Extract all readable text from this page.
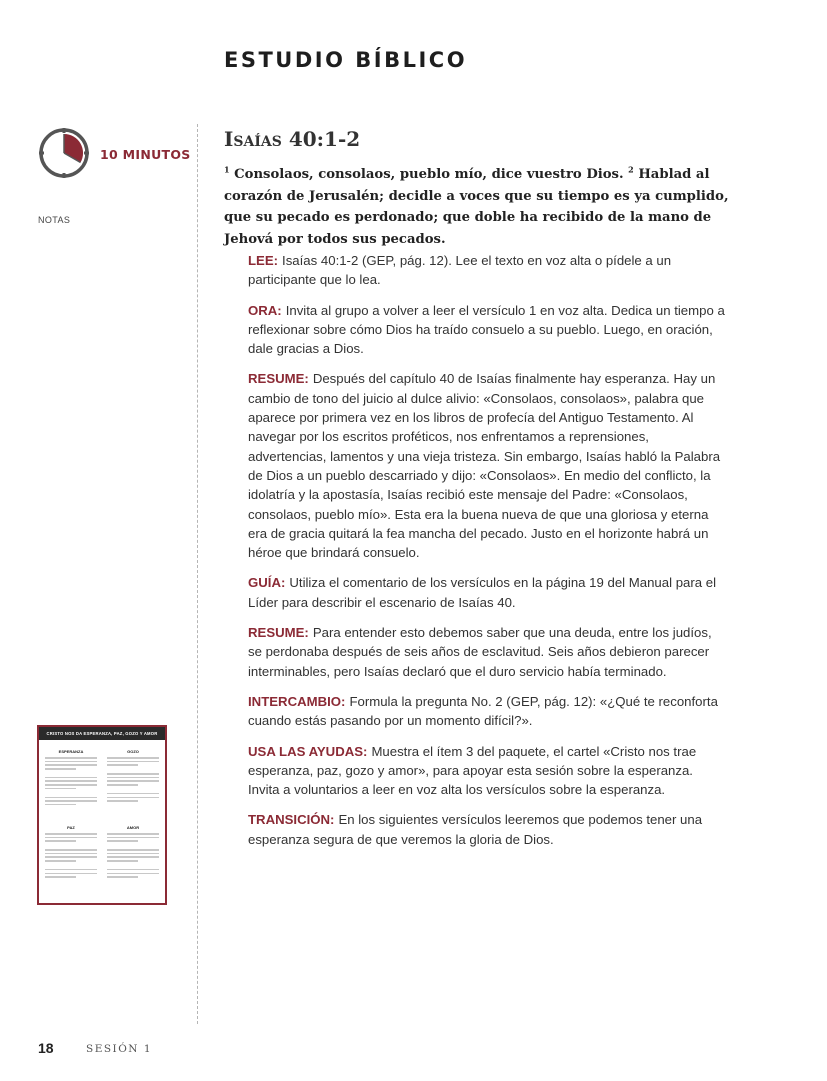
ESTUDIO BÍBLICO
10 MINUTOS
NOTAS
Isaías 40:1-2

$^1$ Consolaos, consolaos, pueblo mío, dice vuestro Dios. $^2$ Hablad al corazón de Jerusalén; decidle a voces que su tiempo es ya cumplido, que su pecado es perdonado; que doble ha recibido de la mano de Jehová por todos sus pecados.

LEE: Isaías 40:1-2 (GEP, pág. 12). Lee el texto en voz alta o pídele a un participante que lo lea.

ORA: Invita al grupo a volver a leer el versículo 1 en voz alta. Dedica un tiempo a reflexionar sobre cómo Dios ha traído consuelo a su pueblo. Luego, en oración, dale gracias a Dios.

RESUME: Después del capítulo 40 de Isaías finalmente hay esperanza. Hay un cambio de tono del juicio al dulce alivio: «Consolaos, consolaos», palabra que aparece por primera vez en los libros de profecía del Antiguo Testamento. Al navegar por los escritos proféticos, nos enfrentamos a reprensiones, advertencias, lamentos y una vieja tristeza. Sin embargo, Isaías habló la Palabra de Dios a un pueblo descarriado y dijo: «Consolaos». En medio del conflicto, la idolatría y la apostasía, Isaías recibió este mensaje del Padre: «Consolaos, consolaos, pueblo mío». Esta era la buena nueva de que una gloriosa y eterna era de gracia quitará la fea mancha del pecado. Justo en el horizonte habrá un héroe que brindará consuelo.

GUÍA: Utiliza el comentario de los versículos en la página 19 del Manual para el Líder para describir el escenario de Isaías 40.

RESUME: Para entender esto debemos saber que una deuda, entre los judíos, se perdonaba después de seis años de esclavitud. Seis años debieron parecer interminables, pero Isaías declaró que el duro servicio había terminado.

INTERCAMBIO: Formula la pregunta No. 2 (GEP, pág. 12): «¿Qué te reconforta cuando estás pasando por un momento difícil?».

USA LAS AYUDAS: Muestra el ítem 3 del paquete, el cartel «Cristo nos trae esperanza, paz, gozo y amor», para apoyar esta sesión sobre la esperanza. Invita a voluntarios a leer en voz alta los versículos sobre la esperanza.

TRANSICIÓN: En los siguientes versículos leeremos que podemos tener una esperanza segura de que veremos la gloria de Dios.

CRISTO NOS DA ESPERANZA, PAZ, GOZO Y AMOR
ESPERANZA	GOZO
PAZ	AMOR
18	SESIÓN 1
